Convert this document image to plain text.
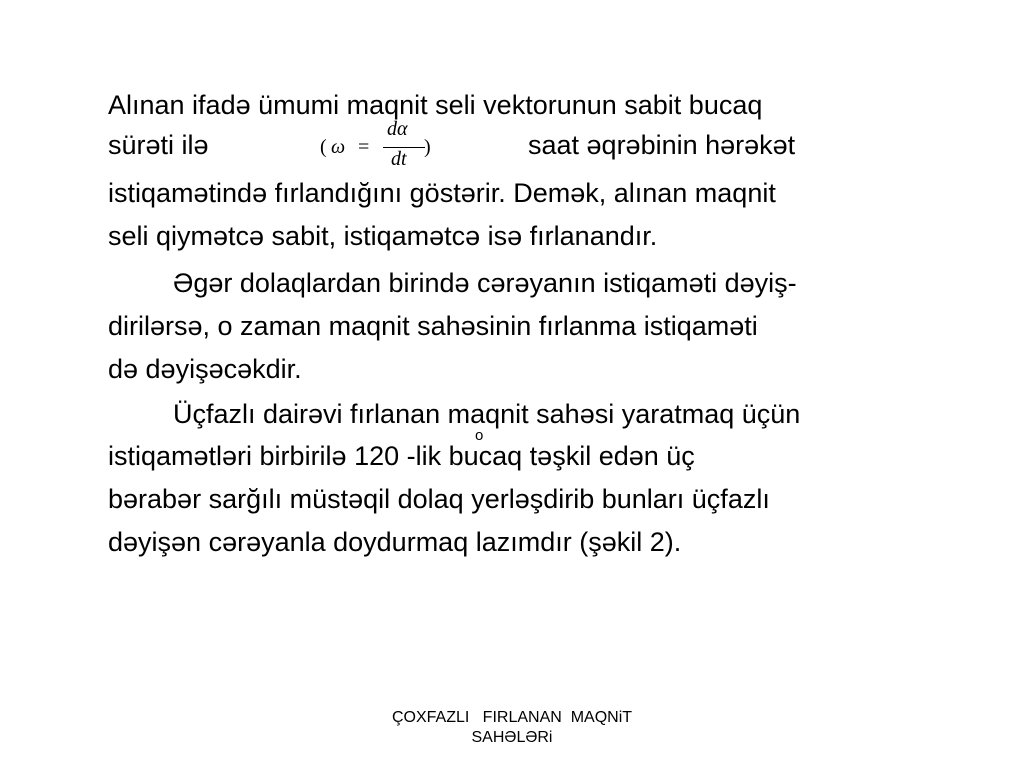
Alınan ifadə ümumi maqnit seli vektorunun sabit bucaq

sürəti ilə	( ω =
dα
dt
)	saat əqrəbinin hərəkət

istiqamətində fırlandığını göstərir. Demək, alınan maqnit

seli qiymətcə sabit, istiqamətcə isə fırlanandır.

Əgər dolaqlardan birində cərəyanın istiqaməti dəyiş-

dirilərsə, o zaman maqnit sahəsinin fırlanma istiqaməti

də dəyişəcəkdir.

Üçfazlı dairəvi fırlanan maqnit sahəsi yaratmaq üçün

istiqamətləri birbirilə 120 -lik bucaq təşkil edən üç

o

bərabər sarğılı müstəqil dolaq yerləşdirib bunları üçfazlı

dəyişən cərəyanla doydurmaq lazımdır (şəkil 2).

ÇOXFAZLI   FIRLANAN  MAQNiT
SAHƏLƏRi
